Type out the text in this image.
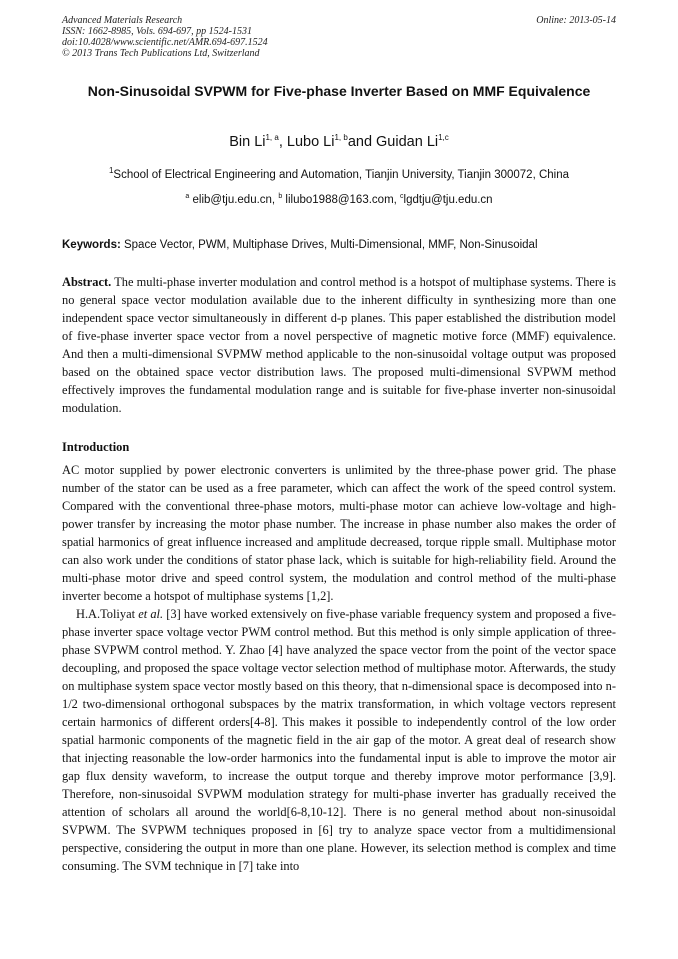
Advanced Materials Research
ISSN: 1662-8985, Vols. 694-697, pp 1524-1531
doi:10.4028/www.scientific.net/AMR.694-697.1524
© 2013 Trans Tech Publications Ltd, Switzerland
Online: 2013-05-14
Non-Sinusoidal SVPWM for Five-phase Inverter Based on MMF Equivalence
Bin Li$^{1, a}$, Lubo Li$^{1, b}$and Guidan Li$^{1,c}$
$^1$School of Electrical Engineering and Automation, Tianjin University, Tianjin 300072, China
$^a$ elib@tju.edu.cn, $^b$ lilubo1988@163.com, $^c$lgdtju@tju.edu.cn
Keywords: Space Vector, PWM, Multiphase Drives, Multi-Dimensional, MMF, Non-Sinusoidal
Abstract. The multi-phase inverter modulation and control method is a hotspot of multiphase systems. There is no general space vector modulation available due to the inherent difficulty in synthesizing more than one independent space vector simultaneously in different d-p planes. This paper established the distribution model of five-phase inverter space vector from a novel perspective of magnetic motive force (MMF) equivalence. And then a multi-dimensional SVPMW method applicable to the non-sinusoidal voltage output was proposed based on the obtained space vector distribution laws. The proposed multi-dimensional SVPWM method effectively improves the fundamental modulation range and is suitable for five-phase inverter non-sinusoidal modulation.
Introduction

AC motor supplied by power electronic converters is unlimited by the three-phase power grid. The phase number of the stator can be used as a free parameter, which can affect the work of the speed control system. Compared with the conventional three-phase motors, multi-phase motor can achieve low-voltage and high-power transfer by increasing the motor phase number. The increase in phase number also makes the order of spatial harmonics of great influence increased and amplitude decreased, torque ripple small. Multiphase motor can also work under the conditions of stator phase lack, which is suitable for high-reliability field. Around the multi-phase motor drive and speed control system, the modulation and control method of the multi-phase inverter become a hotspot of multiphase systems [1,2].

H.A.Toliyat et al. [3] have worked extensively on five-phase variable frequency system and proposed a five-phase inverter space voltage vector PWM control method. But this method is only simple application of three-phase SVPWM control method. Y. Zhao [4] have analyzed the space vector from the point of the vector space decoupling, and proposed the space voltage vector selection method of multiphase motor. Afterwards, the study on multiphase system space vector mostly based on this theory, that n-dimensional space is decomposed into n-1/2 two-dimensional orthogonal subspaces by the matrix transformation, in which voltage vectors represent certain harmonics of different orders[4-8]. This makes it possible to independently control of the low order spatial harmonic components of the magnetic field in the air gap of the motor. A great deal of research show that injecting reasonable the low-order harmonics into the fundamental input is able to improve the motor air gap flux density waveform, to increase the output torque and thereby improve motor performance [3,9]. Therefore, non-sinusoidal SVPWM modulation strategy for multi-phase inverter has gradually received the attention of scholars all around the world[6-8,10-12]. There is no general method about non-sinusoidal SVPWM. The SVPWM techniques proposed in [6] try to analyze space vector from a multidimensional perspective, considering the output in more than one plane. However, its selection method is complex and time consuming. The SVM technique in [7] take into
